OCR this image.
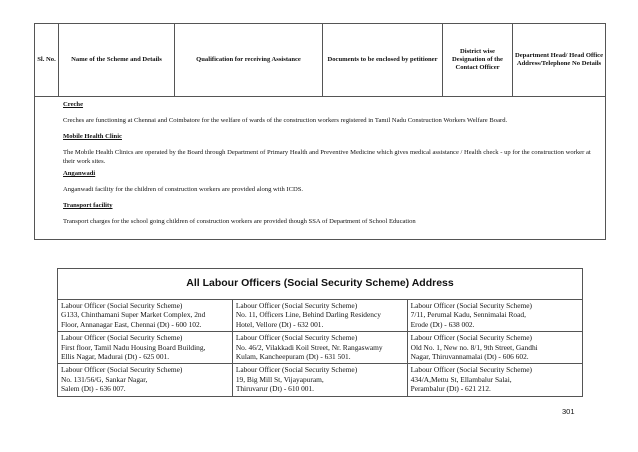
Sl. No.	Name of the Scheme and Details	Qualification for receiving Assistance	Documents to be enclosed by petitioner	District wise Designation of the Contact Officer	Department Head/ Head Office Address/Telephone No Details

Creche
Creches are functioning at Chennai and Coimbatore for the welfare of wards of the construction workers registered in Tamil Nadu Construction Workers Welfare Board.
Mobile Health Clinic
The Mobile Health Clinics are operated by the Board through Department of Primary Health and Preventive Medicine which gives medical assistance / Health check - up for the construction worker at their work sites.
Anganwadi
Anganwadi facility for the children of construction workers are provided along with ICDS.
Transport facility
Transport charges for the school going children of construction workers are provided though SSA of Department of School Education
All Labour Officers (Social Security Scheme) Address		

Labour Officer (Social Security Scheme)
G133, Chinthamani Super Market Complex, 2nd
Floor, Annanagar East, Chennai (Dt) - 600 102.	Labour Officer (Social Security Scheme)
No. 11, Officers Line, Behind Darling Residency
Hotel, Vellore (Dt) - 632 001.	Labour Officer (Social Security Scheme)
7/11, Perumal Kadu, Sennimalai Road,
Erode (Dt) - 638 002.

Labour Officer (Social Security Scheme)
First floor, Tamil Nadu Housing Board Building,
Ellis Nagar, Madurai (Dt) - 625 001.	Labour Officer (Social Security Scheme)
No. 46/2, Vilakkadi Koil Street, Nr. Rangaswamy
Kulam, Kancheepuram (Dt) - 631 501.	Labour Officer (Social Security Scheme)
Old No. 1, New no. 8/1, 9th Street, Gandhi
Nagar, Thiruvannamalai (Dt) - 606 602.

Labour Officer (Social Security Scheme)
No. 131/56/G, Sankar Nagar,
Salem (Dt) - 636 007.	Labour Officer (Social Security Scheme)
19, Big Mill St, Vijayapuram,
Thiruvarur (Dt) - 610 001.	Labour Officer (Social Security Scheme)
434/A,Mettu St, Ellambalur Salai,
Perambalur (Dt) - 621 212.
301
